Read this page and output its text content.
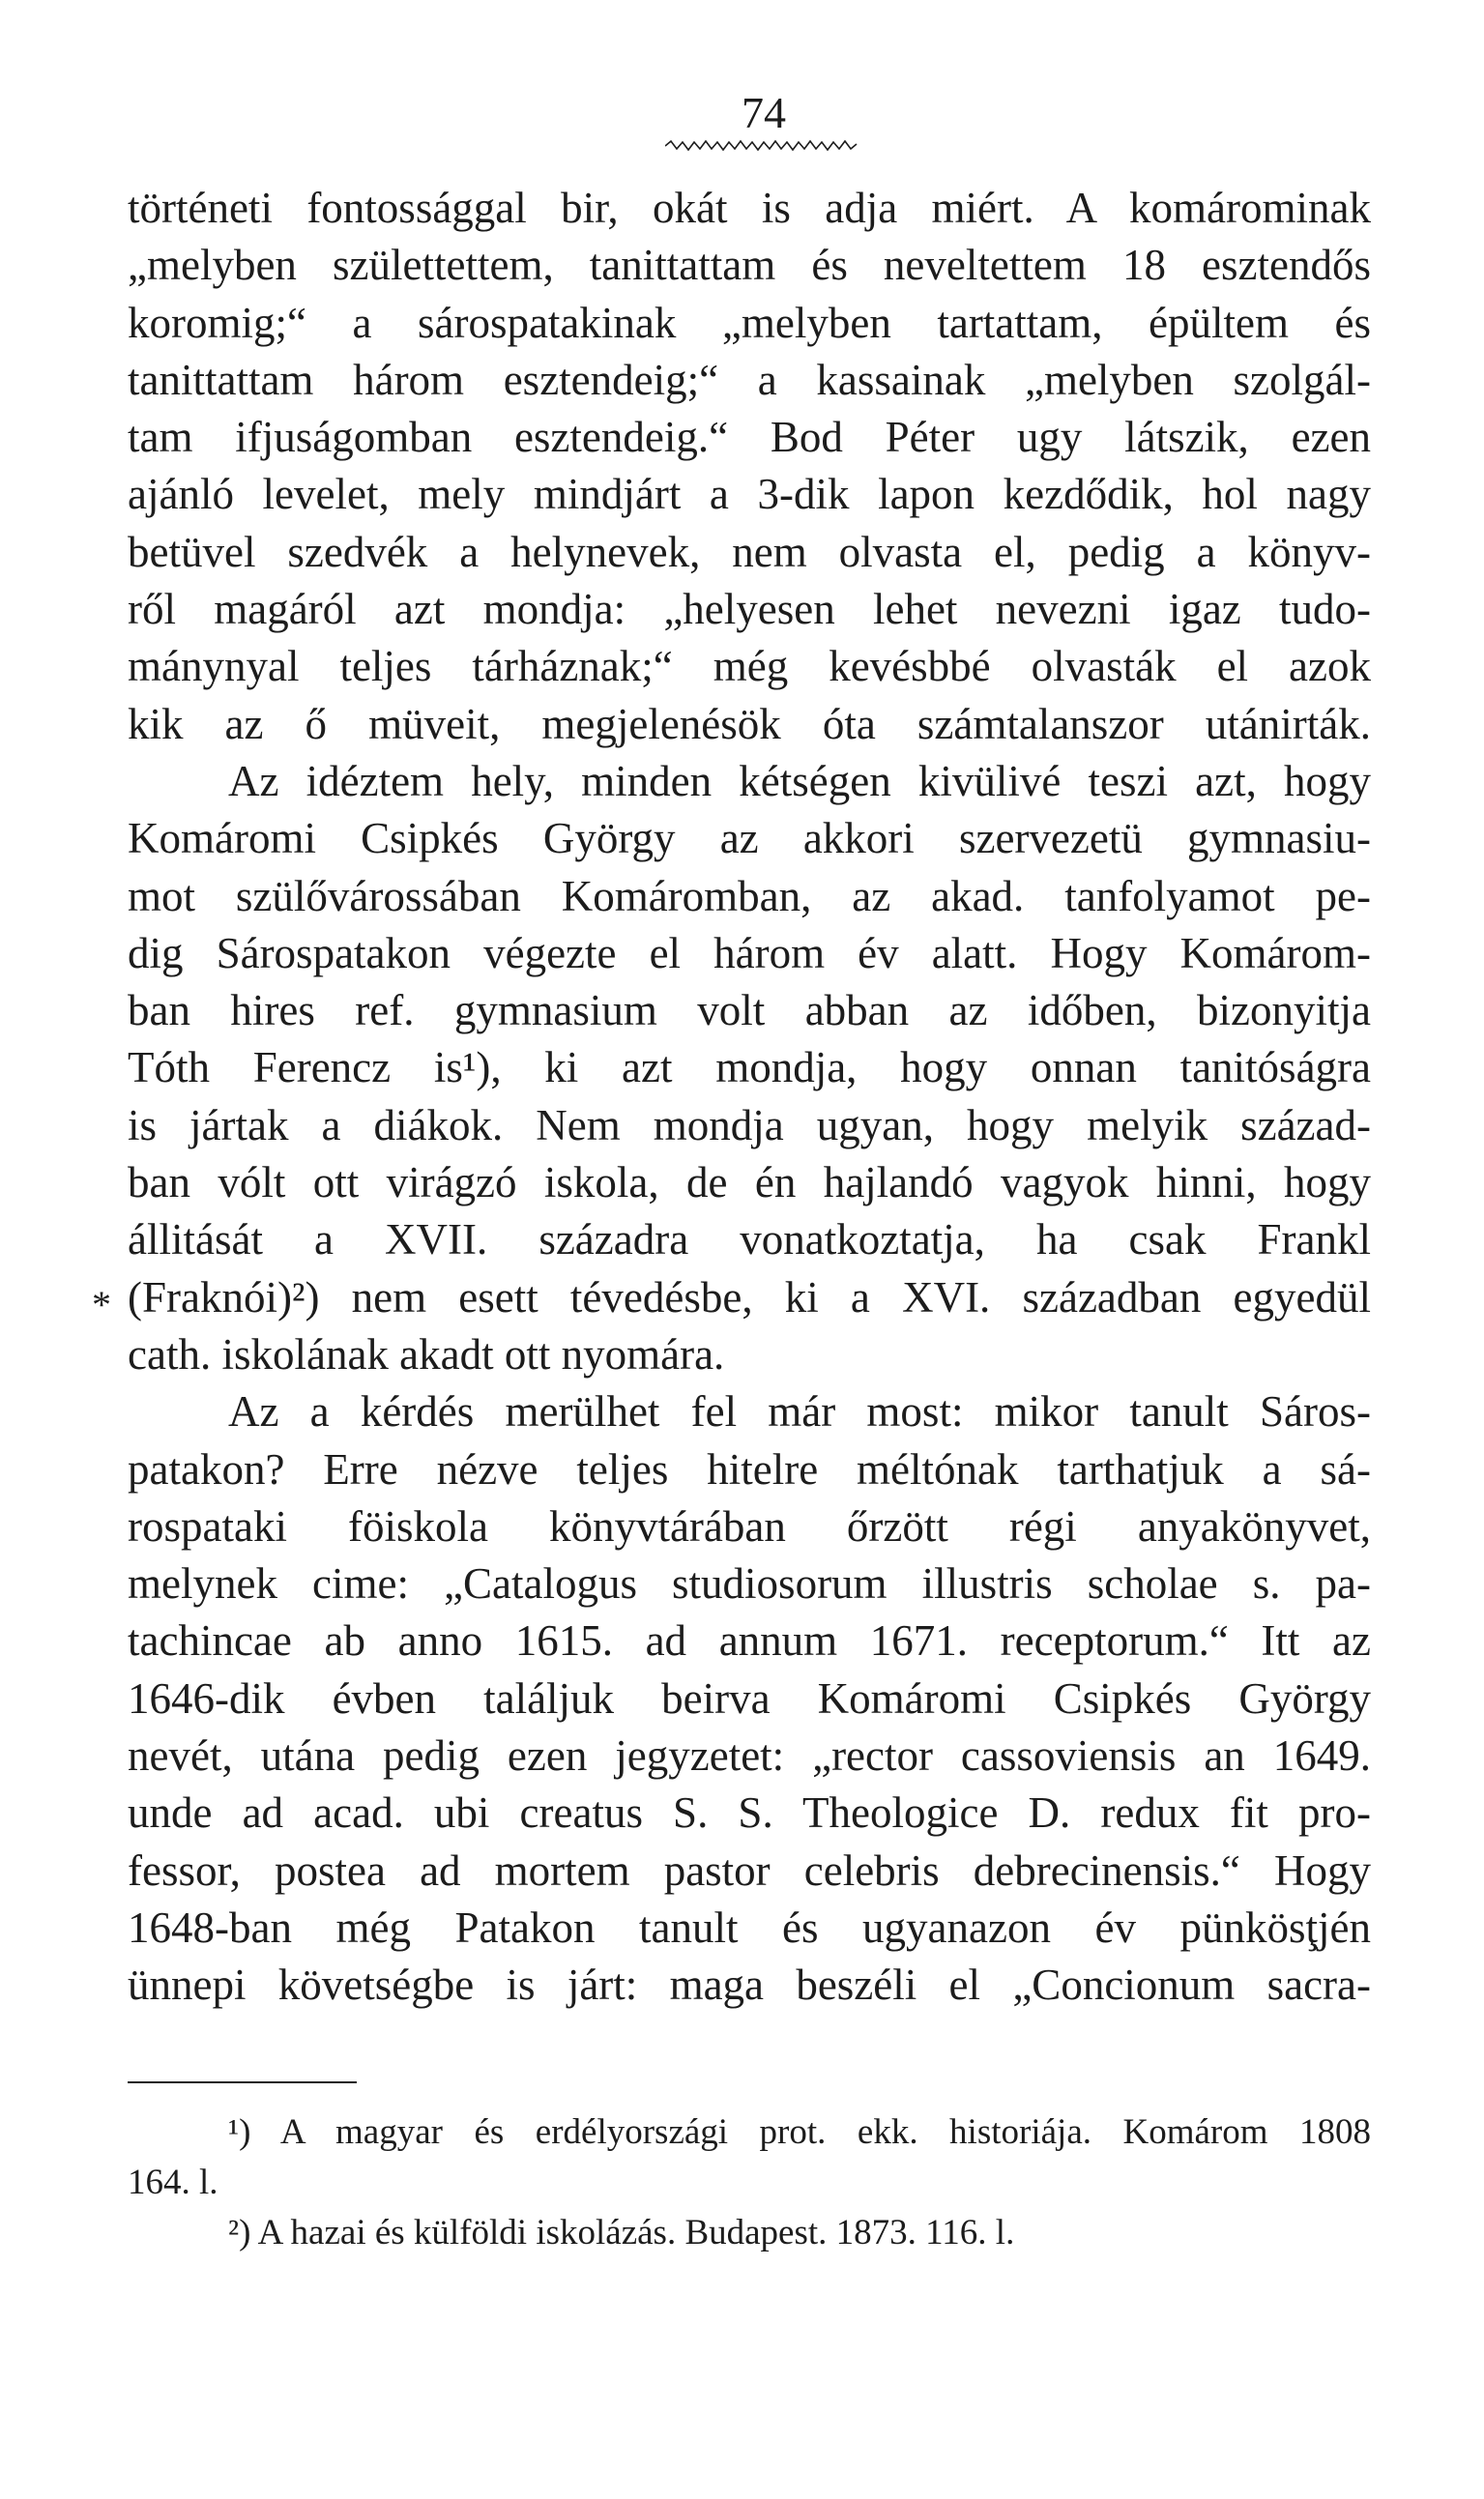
74
történeti fontossággal bir, okát is adja miért. A komárominak
„melyben születtettem, tanittattam és neveltettem 18 esztendős
koromig;“ a sárospatakinak „melyben tartattam, épültem és
tanittattam három esztendeig;“ a kassainak „melyben szolgál-
tam ifjuságomban esztendeig.“ Bod Péter ugy látszik, ezen
ajánló levelet, mely mindjárt a 3-dik lapon kezdődik, hol nagy
betüvel szedvék a helynevek, nem olvasta el, pedig a könyv-
ről magáról azt mondja: „helyesen lehet nevezni igaz tudo-
mánynyal teljes tárháznak;“ még kevésbbé olvasták el azok
kik az ő müveit, megjelenésök óta számtalanszor utánirták.
Az idéztem hely, minden kétségen kivülivé teszi azt, hogy
Komáromi Csipkés György az akkori szervezetü gymnasiu-
mot szülővárossában Komáromban, az akad. tanfolyamot pe-
dig Sárospatakon végezte el három év alatt. Hogy Komárom-
ban hires ref. gymnasium volt abban az időben, bizonyitja
Tóth Ferencz is¹), ki azt mondja, hogy onnan tanitóságra
is jártak a diákok. Nem mondja ugyan, hogy melyik század-
ban vólt ott virágzó iskola, de én hajlandó vagyok hinni, hogy
állitását a XVII. századra vonatkoztatja, ha csak Frankl
(Fraknói)²) nem esett tévedésbe, ki a XVI. században egyedül
cath. iskolának akadt ott nyomára.
Az a kérdés merülhet fel már most: mikor tanult Sáros-
patakon? Erre nézve teljes hitelre méltónak tarthatjuk a sá-
rospataki föiskola könyvtárában őrzött régi anyakönyvet,
melynek cime: „Catalogus studiosorum illustris scholae s. pa-
tachincae ab anno 1615. ad annum 1671. receptorum.“ Itt az
1646-dik évben találjuk beirva Komáromi Csipkés György
nevét, utána pedig ezen jegyzetet: „rector cassoviensis an 1649.
unde ad acad. ubi creatus S. S. Theologice D. redux fit pro-
fessor, postea ad mortem pastor celebris debrecinensis.“ Hogy
1648-ban még Patakon tanult és ugyanazon év pünkösţjén
ünnepi követségbe is járt: maga beszéli el „Concionum sacra-
*
¹) A magyar és erdélyországi prot. ekk. historiája. Komárom 1808
164. l.
²) A hazai és külföldi iskolázás. Budapest. 1873. 116. l.
